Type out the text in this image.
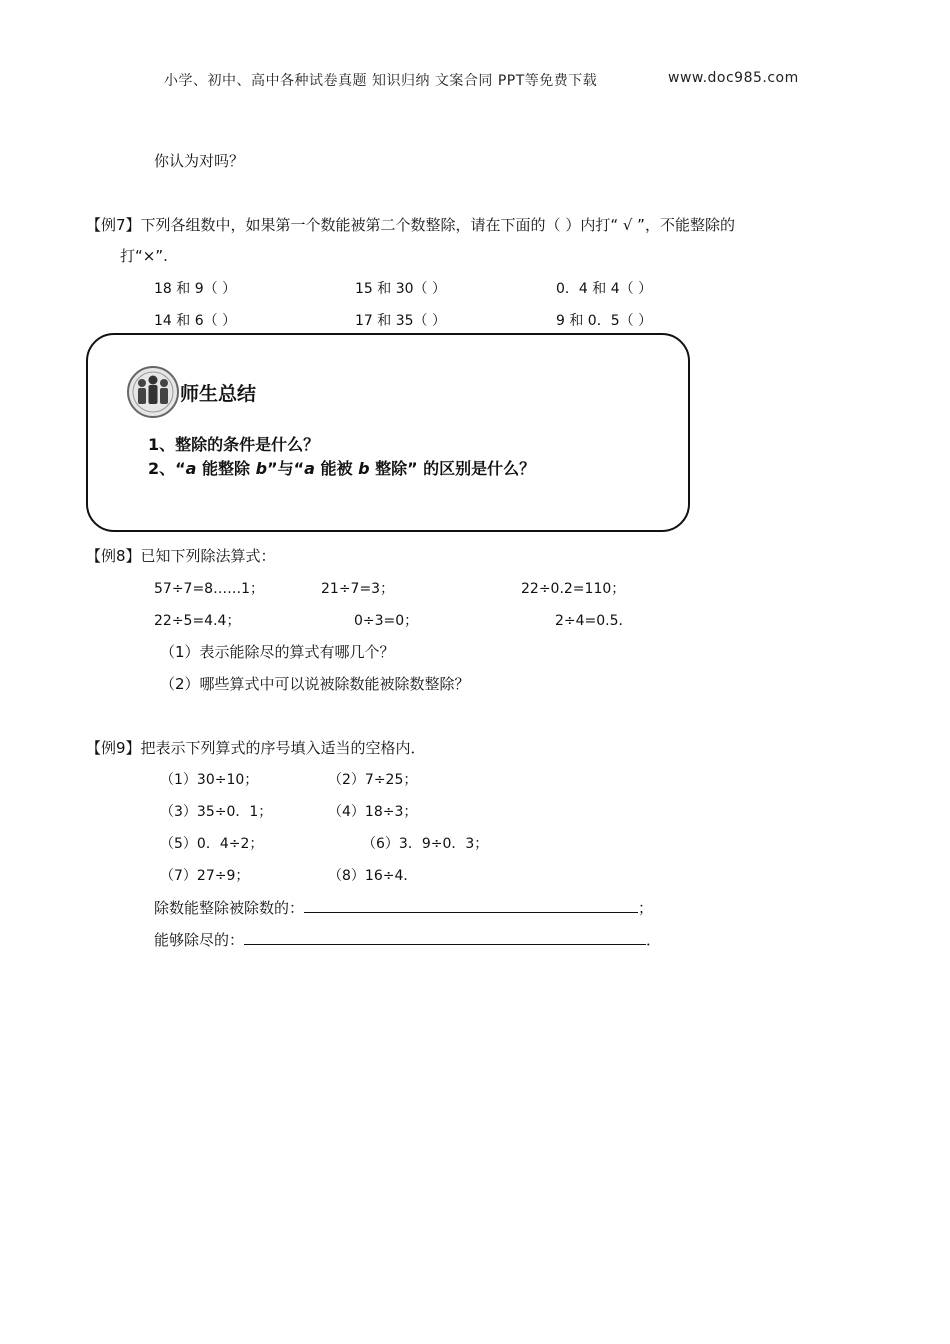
小学、初中、高中各种试卷真题 知识归纳 文案合同 PPT等免费下载	www.doc985.com
你认为对吗？
【例7】下列各组数中，如果第一个数能被第二个数整除，请在下面的（ ）内打“ √ ”，不能整除的
打“×”.
18 和 9（ ）	15 和 30（ ）	0．4 和 4（ ）
14 和 6（ ）	17 和 35（ ）	9 和 0．5（ ）
师生总结
1、整除的条件是什么？
2、“a 能整除 b”与“a 能被 b 整除” 的区别是什么？
【例8】已知下列除法算式：
57÷7=8……1；	21÷7=3；	22÷0.2=110；
22÷5=4.4；	0÷3=0；	2÷4=0.5．
（1）表示能除尽的算式有哪几个？
（2）哪些算式中可以说被除数能被除数整除？
【例9】把表示下列算式的序号填入适当的空格内．
（1）30÷10；	（2）7÷25；
（3）35÷0．1；	（4）18÷3；
（5）0．4÷2；	（6）3．9÷0．3；
（7）27÷9；	（8）16÷4．
除数能整除被除数的：	；
能够除尽的：	．
